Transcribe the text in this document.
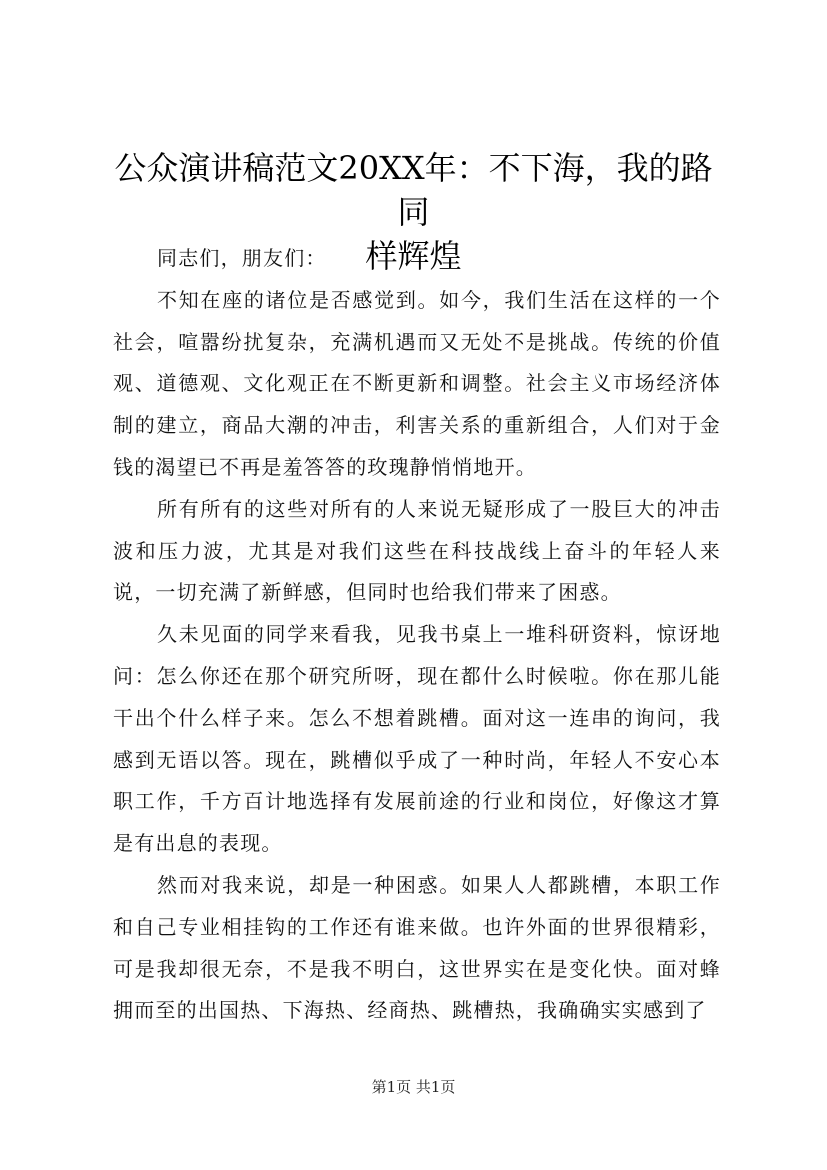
公众演讲稿范文20XX年：不下海，我的路同
样辉煌

同志们，朋友们：

不知在座的诸位是否感觉到。如今，我们生活在这样的一个社会，喧嚣纷扰复杂，充满机遇而又无处不是挑战。传统的价值观、道德观、文化观正在不断更新和调整。社会主义市场经济体制的建立，商品大潮的冲击，利害关系的重新组合，人们对于金钱的渴望已不再是羞答答的玫瑰静悄悄地开。

所有所有的这些对所有的人来说无疑形成了一股巨大的冲击波和压力波，尤其是对我们这些在科技战线上奋斗的年轻人来说，一切充满了新鲜感，但同时也给我们带来了困惑。

久未见面的同学来看我，见我书桌上一堆科研资料，惊讶地问：怎么你还在那个研究所呀，现在都什么时候啦。你在那儿能干出个什么样子来。怎么不想着跳槽。面对这一连串的询问，我感到无语以答。现在，跳槽似乎成了一种时尚，年轻人不安心本职工作，千方百计地选择有发展前途的行业和岗位，好像这才算是有出息的表现。

然而对我来说，却是一种困惑。如果人人都跳槽，本职工作和自己专业相挂钩的工作还有谁来做。也许外面的世界很精彩，可是我却很无奈，不是我不明白，这世界实在是变化快。面对蜂拥而至的出国热、下海热、经商热、跳槽热，我确确实实感到了

第1页 共1页
